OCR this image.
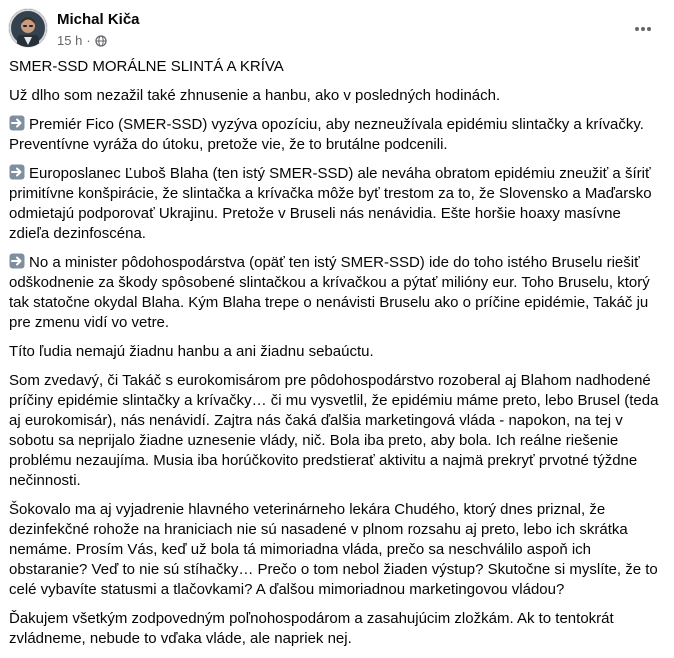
Michal Kiča
15 h ·

SMER-SSD MORÁLNE SLINTÁ A KRÍVA

Už dlho som nezažil také zhnusenie a hanbu, ako v posledných hodinách.

Premiér Fico (SMER-SSD) vyzýva opozíciu, aby nezneužívala epidémiu slintačky a krívačky. Preventívne vyráža do útoku, pretože vie, že to brutálne podcenili.

Europoslanec Ľuboš Blaha (ten istý SMER-SSD) ale neváha obratom epidémiu zneužiť a šíriť primitívne konšpirácie, že slintačka a krívačka môže byť trestom za to, že Slovensko a Maďarsko odmietajú podporovať Ukrajinu. Pretože v Bruseli nás nenávidia. Ešte horšie hoaxy masívne zdieľa dezinfoscéna.

No a minister pôdohospodárstva (opäť ten istý SMER-SSD) ide do toho istého Bruselu riešiť odškodnenie za škody spôsobené slintačkou a krívačkou a pýtať milióny eur. Toho Bruselu, ktorý tak statočne okydal Blaha. Kým Blaha trepe o nenávisti Bruselu ako o príčine epidémie, Takáč ju pre zmenu vidí vo vetre.

Títo ľudia nemajú žiadnu hanbu a ani žiadnu sebaúctu.

Som zvedavý, či Takáč s eurokomisárom pre pôdohospodárstvo rozoberal aj Blahom nadhodené príčiny epidémie slintačky a krívačky… či mu vysvetlil, že epidémiu máme preto, lebo Brusel (teda aj eurokomisár), nás nenávidí. Zajtra nás čaká ďalšia marketingová vláda - napokon, na tej v sobotu sa neprijalo žiadne uznesenie vlády, nič. Bola iba preto, aby bola. Ich reálne riešenie problému nezaujíma. Musia iba horúčkovito predstierať aktivitu a najmä prekryť prvotné týždne nečinnosti.

Šokovalo ma aj vyjadrenie hlavného veterinárneho lekára Chudého, ktorý dnes priznal, že dezinfekčné rohože na hraniciach nie sú nasadené v plnom rozsahu aj preto, lebo ich skrátka nemáme. Prosím Vás, keď už bola tá mimoriadna vláda, prečo sa neschválilo aspoň ich obstaranie? Veď to nie sú stíhačky… Prečo o tom nebol žiaden výstup? Skutočne si myslíte, že to celé vybavíte statusmi a tlačovkami? A ďalšou mimoriadnou marketingovou vládou?

Ďakujem všetkým zodpovedným poľnohospodárom a zasahujúcim zložkám. Ak to tentokrát zvládneme, nebude to vďaka vláde, ale napriek nej.
